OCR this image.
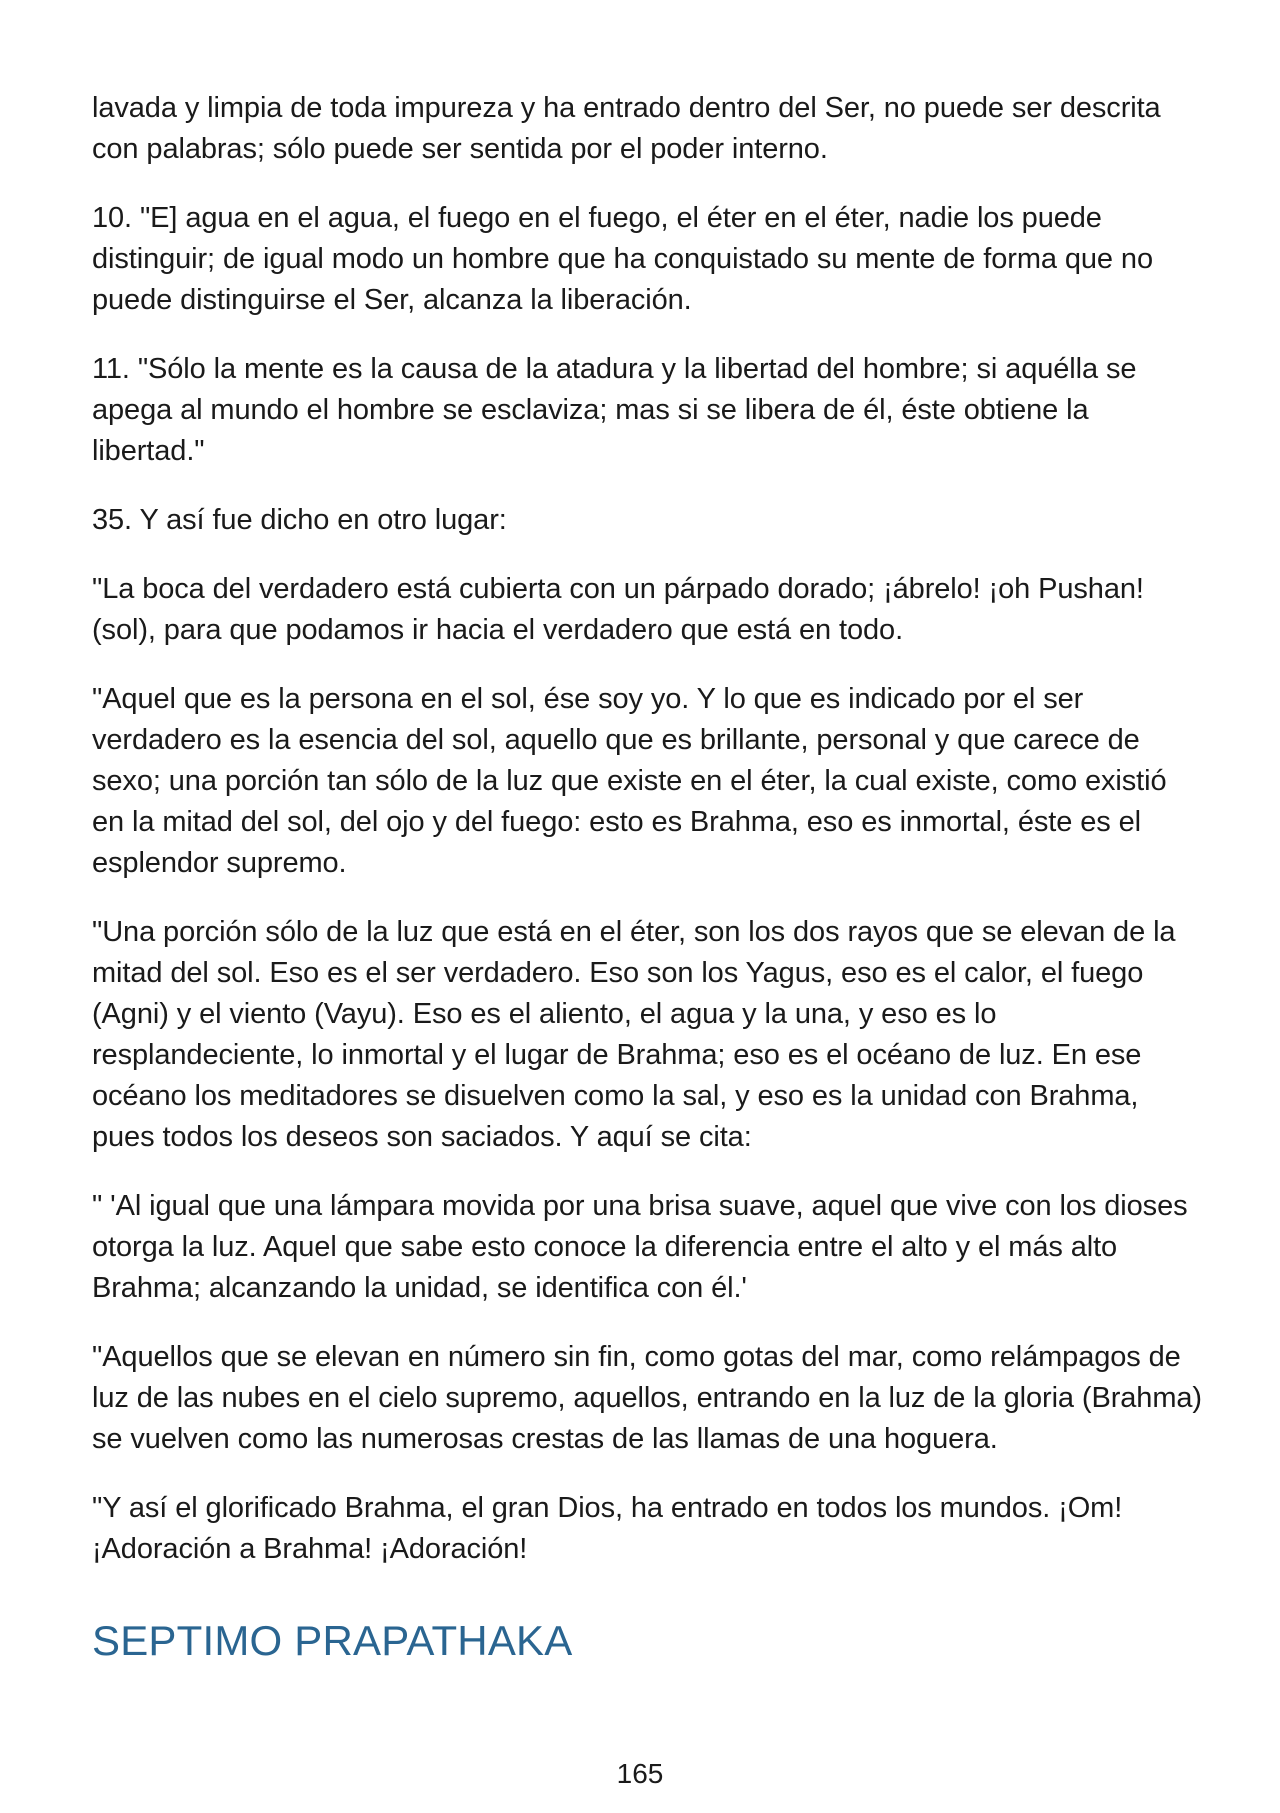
lavada y limpia de toda impureza y ha entrado dentro del Ser, no puede ser descrita con palabras; sólo puede ser sentida por el poder interno.

10. "E] agua en el agua, el fuego en el fuego, el éter en el éter, nadie los puede distinguir; de igual modo un hombre que ha conquistado su mente de forma que no puede distinguirse el Ser, alcanza la liberación.

11. "Sólo la mente es la causa de la atadura y la libertad del hombre; si aquélla se apega al mundo el hombre se esclaviza; mas si se libera de él, éste obtiene la libertad."

35. Y así fue dicho en otro lugar:

"La boca del verdadero está cubierta con un párpado dorado; ¡ábrelo! ¡oh Pushan! (sol), para que podamos ir hacia el verdadero que está en todo.

"Aquel que es la persona en el sol, ése soy yo. Y lo que es indicado por el ser verdadero es la esencia del sol, aquello que es brillante, personal y que carece de sexo; una porción tan sólo de la luz que existe en el éter, la cual existe, como existió en la mitad del sol, del ojo y del fuego: esto es Brahma, eso es inmortal, éste es el esplendor supremo.

"Una porción sólo de la luz que está en el éter, son los dos rayos que se elevan de la mitad del sol. Eso es el ser verdadero. Eso son los Yagus, eso es el calor, el fuego (Agni) y el viento (Vayu). Eso es el aliento, el agua y la una, y eso es lo resplandeciente, lo inmortal y el lugar de Brahma; eso es el océano de luz. En ese océano los meditadores se disuelven como la sal, y eso es la unidad con Brahma, pues todos los deseos son saciados. Y aquí se cita:

" 'Al igual que una lámpara movida por una brisa suave, aquel que vive con los dioses otorga la luz. Aquel que sabe esto conoce la diferencia entre el alto y el más alto Brahma; alcanzando la unidad, se identifica con él.'

"Aquellos que se elevan en número sin fin, como gotas del mar, como relámpagos de luz de las nubes en el cielo supremo, aquellos, entrando en la luz de la gloria (Brahma) se vuelven como las numerosas crestas de las llamas de una hoguera.

"Y así el glorificado Brahma, el gran Dios, ha entrado en todos los mundos. ¡Om! ¡Adoración a Brahma! ¡Adoración!

SEPTIMO PRAPATHAKA
165
